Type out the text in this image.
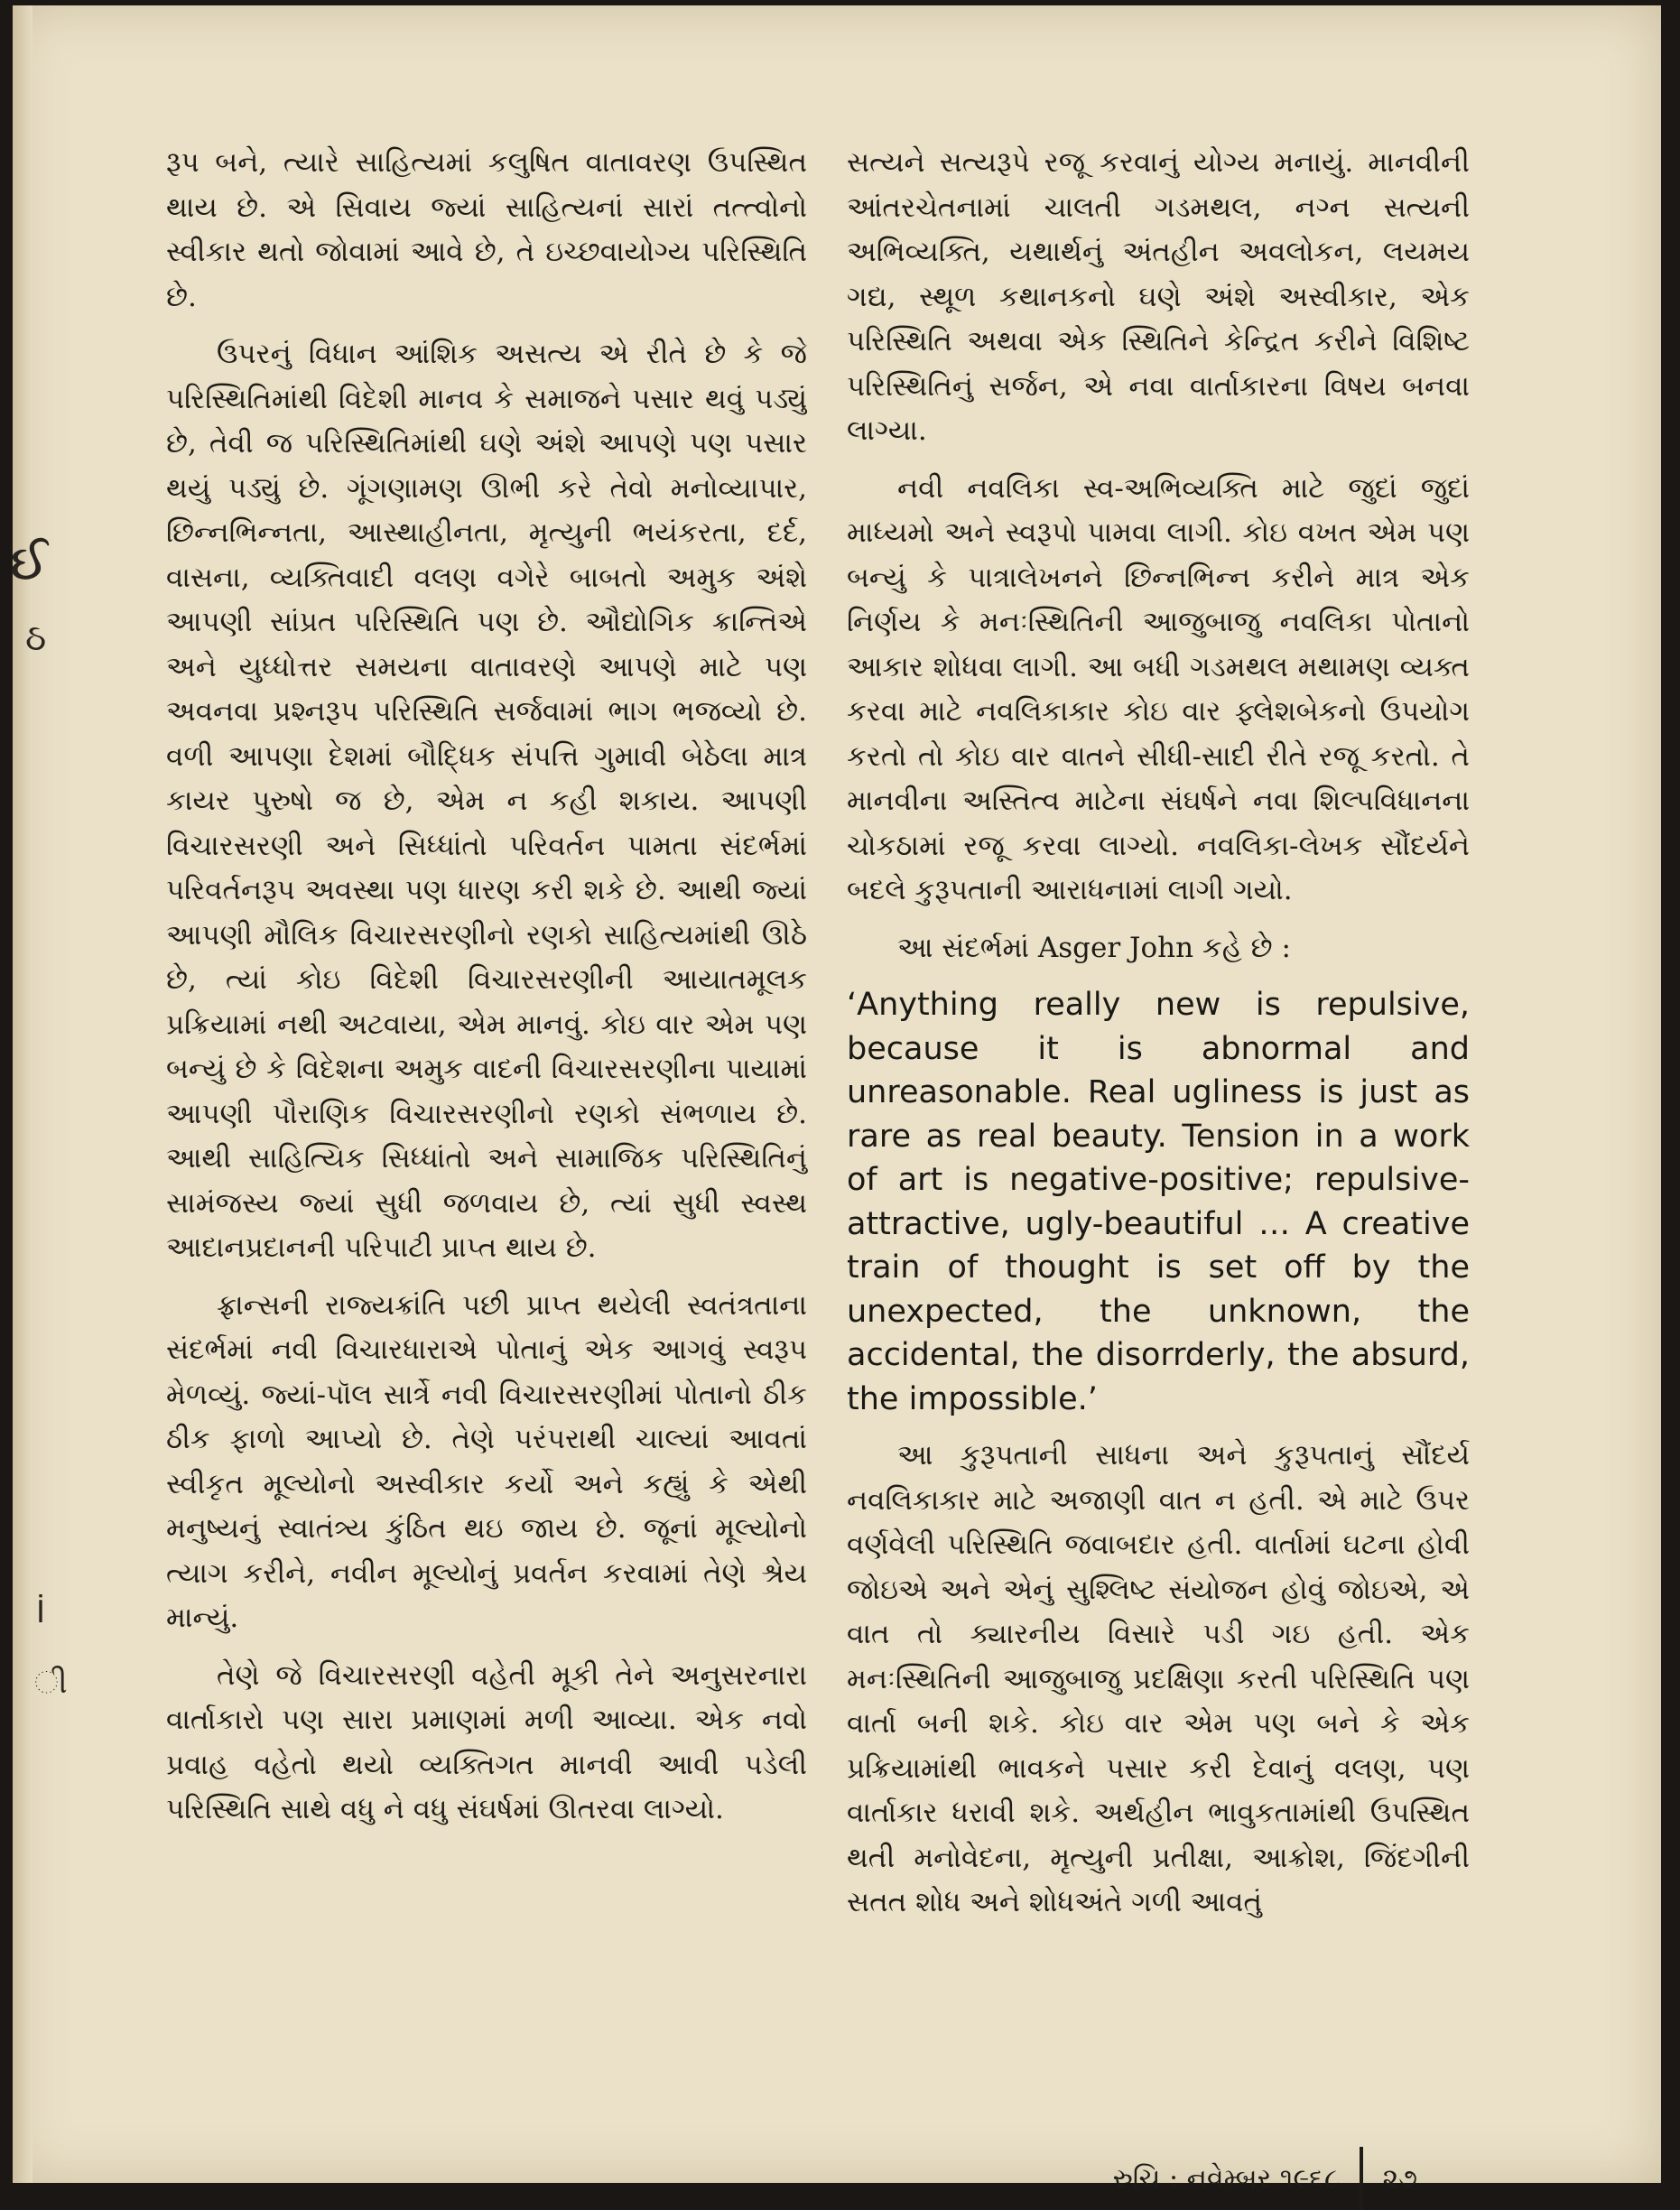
ઈ
ઠ
İ
ી

રૂપ બને, ત્યારે સાહિત્યમાં કલુષિત વાતાવરણ ઉપસ્થિત થાય છે. એ સિવાય જ્યાં સાહિત્યનાં સારાં તત્ત્વોનો સ્વીકાર થતો જોવામાં આવે છે, તે ઇચ્છવાયોગ્ય પરિસ્થિતિ છે.

ઉપરનું વિધાન આંશિક અસત્ય એ રીતે છે કે જે પરિસ્થિતિમાંથી વિદેશી માનવ કે સમાજને પસાર થવું પડ્યું છે, તેવી જ પરિસ્થિતિમાંથી ઘણે અંશે આપણે પણ પસાર થયું પડ્યું છે. ગૂંગણામણ ઊભી કરે તેવો મનોવ્યાપાર, છિન્નભિન્નતા, આસ્થાહીનતા, મૃત્યુની ભયંકરતા, દર્દ, વાસના, વ્યક્તિવાદી વલણ વગેરે બાબતો અમુક અંશે આપણી સાંપ્રત પરિસ્થિતિ પણ છે. ઔદ્યોગિક ક્રાન્તિએ અને યુધ્ધોત્તર સમયના વાતાવરણે આપણે માટે પણ અવનવા પ્રશ્નરૂપ પરિસ્થિતિ સર્જવામાં ભાગ ભજવ્યો છે. વળી આપણા દેશમાં બૌદ્ધિક સંપત્તિ ગુમાવી બેઠેલા માત્ર કાયર પુરુષો જ છે, એમ ન કહી શકાય. આપણી વિચારસરણી અને સિધ્ધાંતો પરિવર્તન પામતા સંદર્ભમાં પરિવર્તનરૂપ અવસ્થા પણ ધારણ કરી શકે છે. આથી જ્યાં આપણી મૌલિક વિચારસરણીનો રણકો સાહિત્યમાંથી ઊઠે છે, ત્યાં કોઇ વિદેશી વિચારસરણીની આયાતમૂલક પ્રક્રિયામાં નથી અટવાયા, એમ માનવું. કોઇ વાર એમ પણ બન્યું છે કે વિદેશના અમુક વાદની વિચારસરણીના પાયામાં આપણી પૌરાણિક વિચારસરણીનો રણકો સંભળાય છે. આથી સાહિત્યિક સિધ્ધાંતો અને સામાજિક પરિસ્થિતિનું સામંજસ્ય જ્યાં સુધી જળવાય છે, ત્યાં સુધી સ્વસ્થ આદાનપ્રદાનની પરિપાટી પ્રાપ્ત થાય છે.

ફ્રાન્સની રાજ્યક્રાંતિ પછી પ્રાપ્ત થયેલી સ્વતંત્રતાના સંદર્ભમાં નવી વિચારધારાએ પોતાનું એક આગવું સ્વરૂપ મેળવ્યું. જ્યાં-પૉલ સાર્ત્રે નવી વિચારસરણીમાં પોતાનો ઠીક ઠીક ફાળો આપ્યો છે. તેણે પરંપરાથી ચાલ્યાં આવતાં સ્વીકૃત મૂલ્યોનો અસ્વીકાર કર્યો અને કહ્યું કે એથી મનુષ્યનું સ્વાતંત્ર્ય કુંઠિત થઇ જાય છે. જૂનાં મૂલ્યોનો ત્યાગ કરીને, નવીન મૂલ્યોનું પ્રવર્તન કરવામાં તેણે શ્રેય માન્યું.

તેણે જે વિચારસરણી વહેતી મૂકી તેને અનુસરનારા વાર્તાકારો પણ સારા પ્રમાણમાં મળી આવ્યા. એક નવો પ્રવાહ વહેતો થયો વ્યક્તિગત માનવી આવી પડેલી પરિસ્થિતિ સાથે વધુ ને વધુ સંઘર્ષમાં ઊતરવા લાગ્યો.

સત્યને સત્યરૂપે રજૂ કરવાનું યોગ્ય મનાયું. માનવીની આંતરચેતનામાં ચાલતી ગડમથલ, નગ્ન સત્યની અભિવ્યક્તિ, યથાર્થનું અંતહીન અવલોકન, લયમય ગદ્ય, સ્થૂળ કથાનકનો ઘણે અંશે અસ્વીકાર, એક પરિસ્થિતિ અથવા એક સ્થિતિને કેન્દ્રિત કરીને વિશિષ્ટ પરિસ્થિતિનું સર્જન, એ નવા વાર્તાકારના વિષય બનવા લાગ્યા.

નવી નવલિકા સ્વ-અભિવ્યક્તિ માટે જુદાં જુદાં માધ્યમો અને સ્વરૂપો પામવા લાગી. કોઇ વખત એમ પણ બન્યું કે પાત્રાલેખનને છિન્નભિન્ન કરીને માત્ર એક નિર્ણય કે મનઃસ્થિતિની આજુબાજુ નવલિકા પોતાનો આકાર શોધવા લાગી. આ બધી ગડમથલ મથામણ વ્યક્ત કરવા માટે નવલિકાકાર કોઇ વાર ફ્લેશબેકનો ઉપયોગ કરતો તો કોઇ વાર વાતને સીધી-સાદી રીતે રજૂ કરતો. તે માનવીના અસ્તિત્વ માટેના સંઘર્ષને નવા શિલ્પવિધાનના ચોકઠામાં રજૂ કરવા લાગ્યો. નવલિકા-લેખક સૌંદર્યને બદલે કુરૂપતાની આરાધનામાં લાગી ગયો.

આ સંદર્ભમાં Asger John કહે છે :

‘Anything really new is repulsive, because it is abnormal and unreasonable. Real ugliness is just as rare as real beauty. Tension in a work of art is negative-positive; repulsive-attractive, ugly-beautiful … A creative train of thought is set off by the unexpected, the unknown, the accidental, the disorrderly, the absurd, the impossible.’

આ કુરૂપતાની સાધના અને કુરૂપતાનું સૌંદર્ય નવલિકાકાર માટે અજાણી વાત ન હતી. એ માટે ઉપર વર્ણવેલી પરિસ્થિતિ જવાબદાર હતી. વાર્તામાં ઘટના હોવી જોઇએ અને એનું સુશ્લિષ્ટ સંયોજન હોવું જોઇએ, એ વાત તો ક્યારનીય વિસારે પડી ગઇ હતી. એક મનઃસ્થિતિની આજુબાજુ પ્રદક્ષિણા કરતી પરિસ્થિતિ પણ વાર્તા બની શકે. કોઇ વાર એમ પણ બને કે એક પ્રક્રિયામાંથી ભાવકને પસાર કરી દેવાનું વલણ, પણ વાર્તાકાર ધરાવી શકે. અર્થહીન ભાવુકતામાંથી ઉપસ્થિત થતી મનોવેદના, મૃત્યુની પ્રતીક્ષા, આક્રોશ, જિંદગીની સતત શોધ અને શોધઅંતે ગળી આવતું

રુચિ : નવેમ્બર ૧૯૬૮ ૨૭
